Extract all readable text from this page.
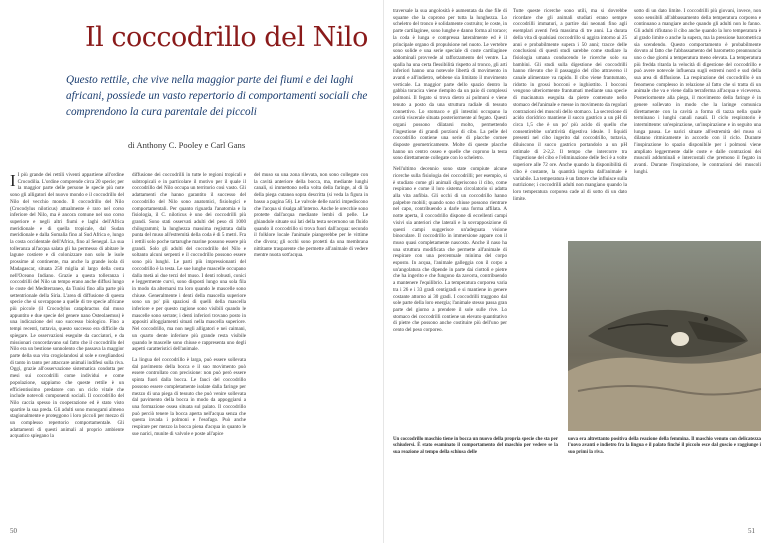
Il coccodrillo del Nilo
Questo rettile, che vive nella maggior parte dei fiumi e dei laghi africani, possiede un vasto repertorio di comportamenti sociali che comprendono la cura parentale dei piccoli
di Anthony C. Pooley e Carl Gans
I I più grande dei rettili viventi appartiene all'ordine Crocodilia. L'ordine comprende circa 20 specie; per la maggior parte delle persone le specie più note sono gli alligatori del nuovo mondo e il coccodrillo del Nilo del vecchio mondo. Il coccodrillo del Nilo (Crocodylus niloticus) attualmente è raro nel corso inferiore del Nilo, ma è ancora comune nel suo corso superiore e negli altri fiumi e laghi dell'Africa meridionale e di quella tropicale, dal Sudan meridionale e dalla Somalia fino al Sud Africa e, lungo la costa occidentale dell'Africa, fino al Senegal. La sua tolleranza all'acqua salata gli ha permesso di abitare le lagune costiere e di colonizzare non solo le isole prossime al continente, ma anche la grande isola di Madagascar, situata 250 miglia al largo della costa nell'Oceano Indiano. Grazie a questa tolleranza i coccodrilli del Nilo un tempo erano anche diffusi lungo le coste del Mediterraneo, da Tunisi fino alla parte più settentrionale della Siria. L'area di diffusione di questa specie che si sovrappone a quelle di tre specie africane più piccole (il Crocodylus cataphractus dal muso appuntito e due specie del genere nano Osteolaemus) è una indicazione del suo successo biologico. Fino a tempi recenti, tuttavia, questo successo era difficile da spiegare. Le osservazioni eseguite da cacciatori, e da missionari concordavano sul fatto che il coccodrillo del Nilo era un bestione sonnolento che passava la maggior parte della sua vita crogiolandosi al sole e svegliandosi di tanto in tanto per attaccare animali indifesi sulla riva. Oggi, grazie all'osservazione sistematica condotta per mesi sui coccodrilli come individui e come popolazione, sappiamo che queste rettile è un efficientissimo predatore con un ciclo vitale che include notevoli componenti sociali. Il coccodrillo del Nilo caccia spesso in cooperazione ed è stato visto spartire la sua preda. Gli adulti sono monogami almeno stagionalmente e proteggono i loro piccoli per mezzo di un complesso repertorio comportamentale. Gli adattamenti di questi animali al proprio ambiente acquatico spiegano la
diffusione dei coccodrilli in tutte le regioni tropicali e subtropicali e in particolare il motivo per il quale il coccodrillo del Nilo occupa un territorio così vasto. Gli adattamenti che hanno garantito il successo del coccodrillo del Nilo sono anatomici, fisiologici e comportamentali. Per quanto riguarda l'anatomia e la fisiologia, il C. niloticus è uno dei coccodrilli più grandi. Sono stati osservati adulti del peso di 1000 chilogrammi; la lunghezza massima registrata dalla punta del muso all'estremità della coda è di 5 metri. Fra i rettili solo poche tartarughe marine possono essere più grandi. Solo gli adulti del coccodrillo del Nilo e soltanto alcuni serpenti e il coccodrillo possono essere sono più lunghi. Le parti più impressionanti del coccodrillo è la testa. Le sue lunghe mascelle occupano dalla metà ai due terzi del muso. I denti robusti, conici e leggermente curvi, sono disposti lungo una sola fila in modo da alternarsi tra loro quando le mascelle sono chiuse. Generalmente i denti della mascella superiore sono un po' più spaziosi di quelli della mascella inferiore e per questo ragione sono visibili quando le mascelle sono serrate; i denti inferiori trovano posto in appositi alloggiamenti situati nella mascella superiore. Nel coccodrillo, ma non negli alligatori e nei caimani, un quarto dente inferiore più grande resta visibile quando le mascelle sono chiuse e rappresenta uno degli aspetti caratteristici dell'animale.
La lingua del coccodrillo è larga, può essere sollevata dal pavimento della bocca e il suo movimento può essere controllato con precisione: non può però essere spinta fuori dalla bocca. Le fauci del coccodrillo possono essere completamente isolate dalla faringe per mezzo di una piega di tessuto che può venire sollevata dal pavimento della bocca in modo da appoggiarsi a una formazione ossea situata sul palato. Il coccodrillo può perciò tenere la bocca aperta nell'acqua senza che questa invada i polmoni e l'esofago. Può anche respirare per mezzo la bocca piena d'acqua in quanto le sue narici, munite di valvole e poste all'apice
del muso su una zona rilevata, non sono collegate con la cavità anteriore della bocca, ma, mediante lunghi canali, si immettono nella volta della faringe, al di là della piega cutanea sopra descritta (si veda la figura in basso a pagina 56). Le valvole delle narici impediscono che l'acqua si risalga all'interno. Anche le orecchie sono protette dall'acqua mediante lembi di pelle. Le ghiandole situate sui lati della testa secernono un fluido quando il coccodrillo si trova fuori dall'acqua: secondo il folklore locale l'animale piangerebbe per le vittime che divora; gli occhi sono protetti da una membrana nittitante trasparente che permette all'animale di vedere mentre nuota sott'acqua.
50
traversale la sua angolosità è aumentata da due file di squame che la coprono per tutta la lunghezza. Lo scheletro del tronco è solidamente costruito; le coste, in parte cartilaginee, sono lunghe e danno forma al torace; la coda è lunga e compressa lateralmente ed è il principale organo di propulsione nel nuoto. Le vertebre sono solide e una serie speciale di coste cartilaginee addominali provvede al rafforzamento del ventre. La spalla ha una certa flessibilità rispetto al tronco, gli arti inferiori hanno una notevole libertà di movimento in avanti e all'indietro, sebbene sia limitato il movimento verticale. La maggior parte dello spazio dentro la gabbia toracica viene riempito da un paio di complessi polmoni. Il fegato si trova dietro ai polmoni e viene tenuto a posto da una struttura radiale di tessuto connettivo. Lo stomaco e gli intestini occupano la cavità viscerale situata posteriormente al fegato. Questi organi possono dilatarsi molto, permettendo l'ingestione di grandi porzioni di cibo. La pelle del coccodrillo contiene una serie di placche cornee disposte geometricamente. Molte di queste placche hanno un centro osseo e quelle che coprono la testa sono direttamente collegate con lo scheletro.
Nell'ultimo decennio sono state compiute alcune ricerche sulla fisiologia dei coccodrilli; per esempio, si è studiato come gli animali digeriscono il cibo, come respirano e come il loro sistema circolatorio si adatta alla vita anfibia. Gli occhi di un coccodrillo hanno palpebre mobili; quando sono chiuse possono rientrare nel capo, contribuendo a darle una forma affilata. A notte aperta, il coccodrillo dispone di eccellenti campi visivi sia anteriori che laterali e la sovrapposizione di questi campi suggerisce un'adeguata visione binoculare. Il coccodrillo in immersione appare con il muso quasi completamente nascosto. Anche il naso ha una struttura modificata che permette all'animale di respirare con una percentuale minima del corpo esposto. In acqua, l'animale galleggia con il corpo a un'angolatura che dipende in parte dai ciottoli e pietre che ha ingerito e che fungono da zavorra, contribuendo a mantenere l'equilibrio. La temperatura corporea varia tra i 26 e i 33 gradi centigradi e si mantiene in genere costante attorno ai 30 gradi. I coccodrilli traggono dal sole parte della loro energia; l'animale stesso passa gran parte del giorno a prendere il sole sulle rive. Lo stomaco dei coccodrilli contiene un elevato quantitativo di pietre che possono anche costituire più dell'uno per cento del peso corporeo.
Tutte queste ricerche sono utili, ma si dovrebbe ricordare che gli animali studiati erano sempre coccodrilli immaturi, a partire dai neonati fino agli esemplari aventi l'età massima di tre anni. La durata della vita di qualsiasi coccodrillo si aggira intorno ai 25 anni e probabilmente supera i 50 anni; tracce delle conclusioni di questi studi sarebbe come studiare la fisiologia umana conducendo le ricerche solo su bambini. Gli studi sulla digestione dei coccodrilli hanno rilevato che il passaggio del cibo attraverso il canale alimentare va rapido. Il cibo viene frantumato, ridotto in grossi bocconi e inghiottito. I bocconi vengono ulteriormente frantumati mediante una specie di macinatura eseguita da pietre contenute nello stomaco dell'animale e messe in movimento da regolari contrazioni dei muscoli dello stomaco. La secrezione di acido cloridrico mantiene il succo gastrico a un pH di circa 1,5 che è un po' più acido di quello che consentirebbe un'attività digestiva ideale. I liquidi presenti nel cibo ingerito dal coccodrillo, tuttavia, diluiscono il succo gastrico portandolo a un pH ottimale di 2-2,2. Il tempo che intercorre tra l'ingestione del cibo e l'eliminazione delle feci è a volte superiore alle 72 ore. Anche quando la disponibilità di cibo è costante, la quantità ingerita dall'animale è variabile. La temperatura è un fattore che influisce sulla nutrizione; i coccodrilli adulti non mangiano quando la loro temperatura corporea cade al di sotto di un dato limite.
sotto di un dato limite. I coccodrilli più giovani, invece, non sono sensibili all'abbassamento della temperatura corporea e continuano a mangiare anche quando gli adulti non lo fanno. Gli adulti rifiutano il cibo anche quando la loro temperatura è al grado limite o anche la supera, ma la pressione barometrica sia scendendo. Questo comportamento è probabilmente dovuto al fatto che l'abbassamento del barometro preannuncia uno o due giorni a temperatura meno elevata. La temperatura più fredda ritarda la velocità di digestione del coccodrillo e può avere notevole influenza sugli estremi nord e sud della sua area di diffusione. La respirazione del coccodrillo è un fenomeno complesso in relazione al fatto che si tratta di un animale che va e viene dalla terraferma all'acqua e viceversa. Posteriormente alla piega, il movimento della faringe è in genere sollevato in modo che la laringe comunica direttamente con la cavità a forma di tazza nella quale terminano i lunghi canali nasali. Il ciclo respiratorio è intermittente: un'espirazione, un'inspirazione e in seguito una lunga pausa. Le narici situate all'estremità del muso si dilatano ritmicamente in accordo con il ciclo. Durante l'inspirazione lo spazio disponibile per i polmoni viene ampliato leggermente dalle coste e dalle contrazioni dei muscoli addominali e intercostali che premono il fegato in avanti. Durante l'inspirazione, le contrazioni dei muscoli lunghi.
Un coccodrillo maschio tiene in bocca un nuovo della propria specie che sta per schiudersi. È stato esaminato il comportamento del maschio per vedere se la sua reazione al tempo della schiusa delle
uova era altrettanto positiva della reazione della femmina. Il maschio venuto con delicatezza l'uovo avanti e indietro fra la lingua e il palato finché il piccolo esce dal guscio e raggiunge i suo primi la riva.
51
